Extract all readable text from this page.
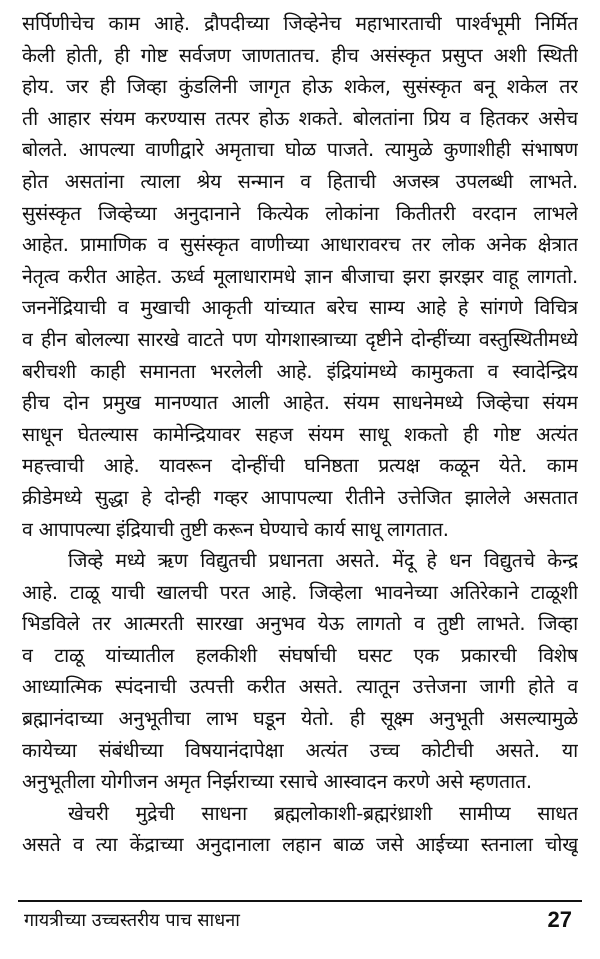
सर्पिणीचेच काम आहे. द्रौपदीच्या जिव्हेनेच महाभारताची पार्श्वभूमी निर्मित
केली होती, ही गोष्ट सर्वजण जाणतातच. हीच असंस्कृत प्रसुप्त अशी स्थिती
होय. जर ही जिव्हा कुंडलिनी जागृत होऊ शकेल, सुसंस्कृत बनू शकेल तर
ती आहार संयम करण्यास तत्पर होऊ शकते. बोलतांना प्रिय व हितकर असेच
बोलते. आपल्या वाणीद्वारे अमृताचा घोळ पाजते. त्यामुळे कुणाशीही संभाषण
होत असतांना त्याला श्रेय सन्मान व हिताची अजस्त्र उपलब्धी लाभते.
सुसंस्कृत जिव्हेच्या अनुदानाने कित्येक लोकांना कितीतरी वरदान लाभले
आहेत. प्रामाणिक व सुसंस्कृत वाणीच्या आधारावरच तर लोक अनेक क्षेत्रात
नेतृत्व करीत आहेत. ऊर्ध्व मूलाधारामधे ज्ञान बीजाचा झरा झरझर वाहू लागतो.
जननेंद्रियाची व मुखाची आकृती यांच्यात बरेच साम्य आहे हे सांगणे विचित्र
व हीन बोलल्या सारखे वाटते पण योगशास्त्राच्या दृष्टीने दोन्हींच्या वस्तुस्थितीमध्ये
बरीचशी काही समानता भरलेली आहे. इंद्रियांमध्ये कामुकता व स्वादेन्द्रिय
हीच दोन प्रमुख मानण्यात आली आहेत. संयम साधनेमध्ये जिव्हेचा संयम
साधून घेतल्यास कामेन्द्रियावर सहज संयम साधू शकतो ही गोष्ट अत्यंत
महत्त्वाची आहे. यावरून दोन्हींची घनिष्ठता प्रत्यक्ष कळून येते. काम
क्रीडेमध्ये सुद्धा हे दोन्ही गव्हर आपापल्या रीतीने उत्तेजित झालेले असतात
व आपापल्या इंद्रियाची तुष्टी करून घेण्याचे कार्य साधू लागतात.
जिव्हे मध्ये ऋण विद्युतची प्रधानता असते. मेंदू हे धन विद्युतचे केन्द्र
आहे. टाळू याची खालची परत आहे. जिव्हेला भावनेच्या अतिरेकाने टाळूशी
भिडविले तर आत्मरती सारखा अनुभव येऊ लागतो व तुष्टी लाभते. जिव्हा
व टाळू यांच्यातील हलकीशी संघर्षाची घसट एक प्रकारची विशेष
आध्यात्मिक स्पंदनाची उत्पत्ती करीत असते. त्यातून उत्तेजना जागी होते व
ब्रह्मानंदाच्या अनुभूतीचा लाभ घडून येतो. ही सूक्ष्म अनुभूती असल्यामुळे
कायेच्या संबंधीच्या विषयानंदापेक्षा अत्यंत उच्च कोटीची असते. या
अनुभूतीला योगीजन अमृत निर्झराच्या रसाचे आस्वादन करणे असे म्हणतात.
खेचरी मुद्रेची साधना ब्रह्मलोकाशी-ब्रह्मरंध्राशी सामीप्य साधत
असते व त्या केंद्राच्या अनुदानाला लहान बाळ जसे आईच्या स्तनाला चोखू
गायत्रीच्या उच्चस्तरीय पाच साधना	27
